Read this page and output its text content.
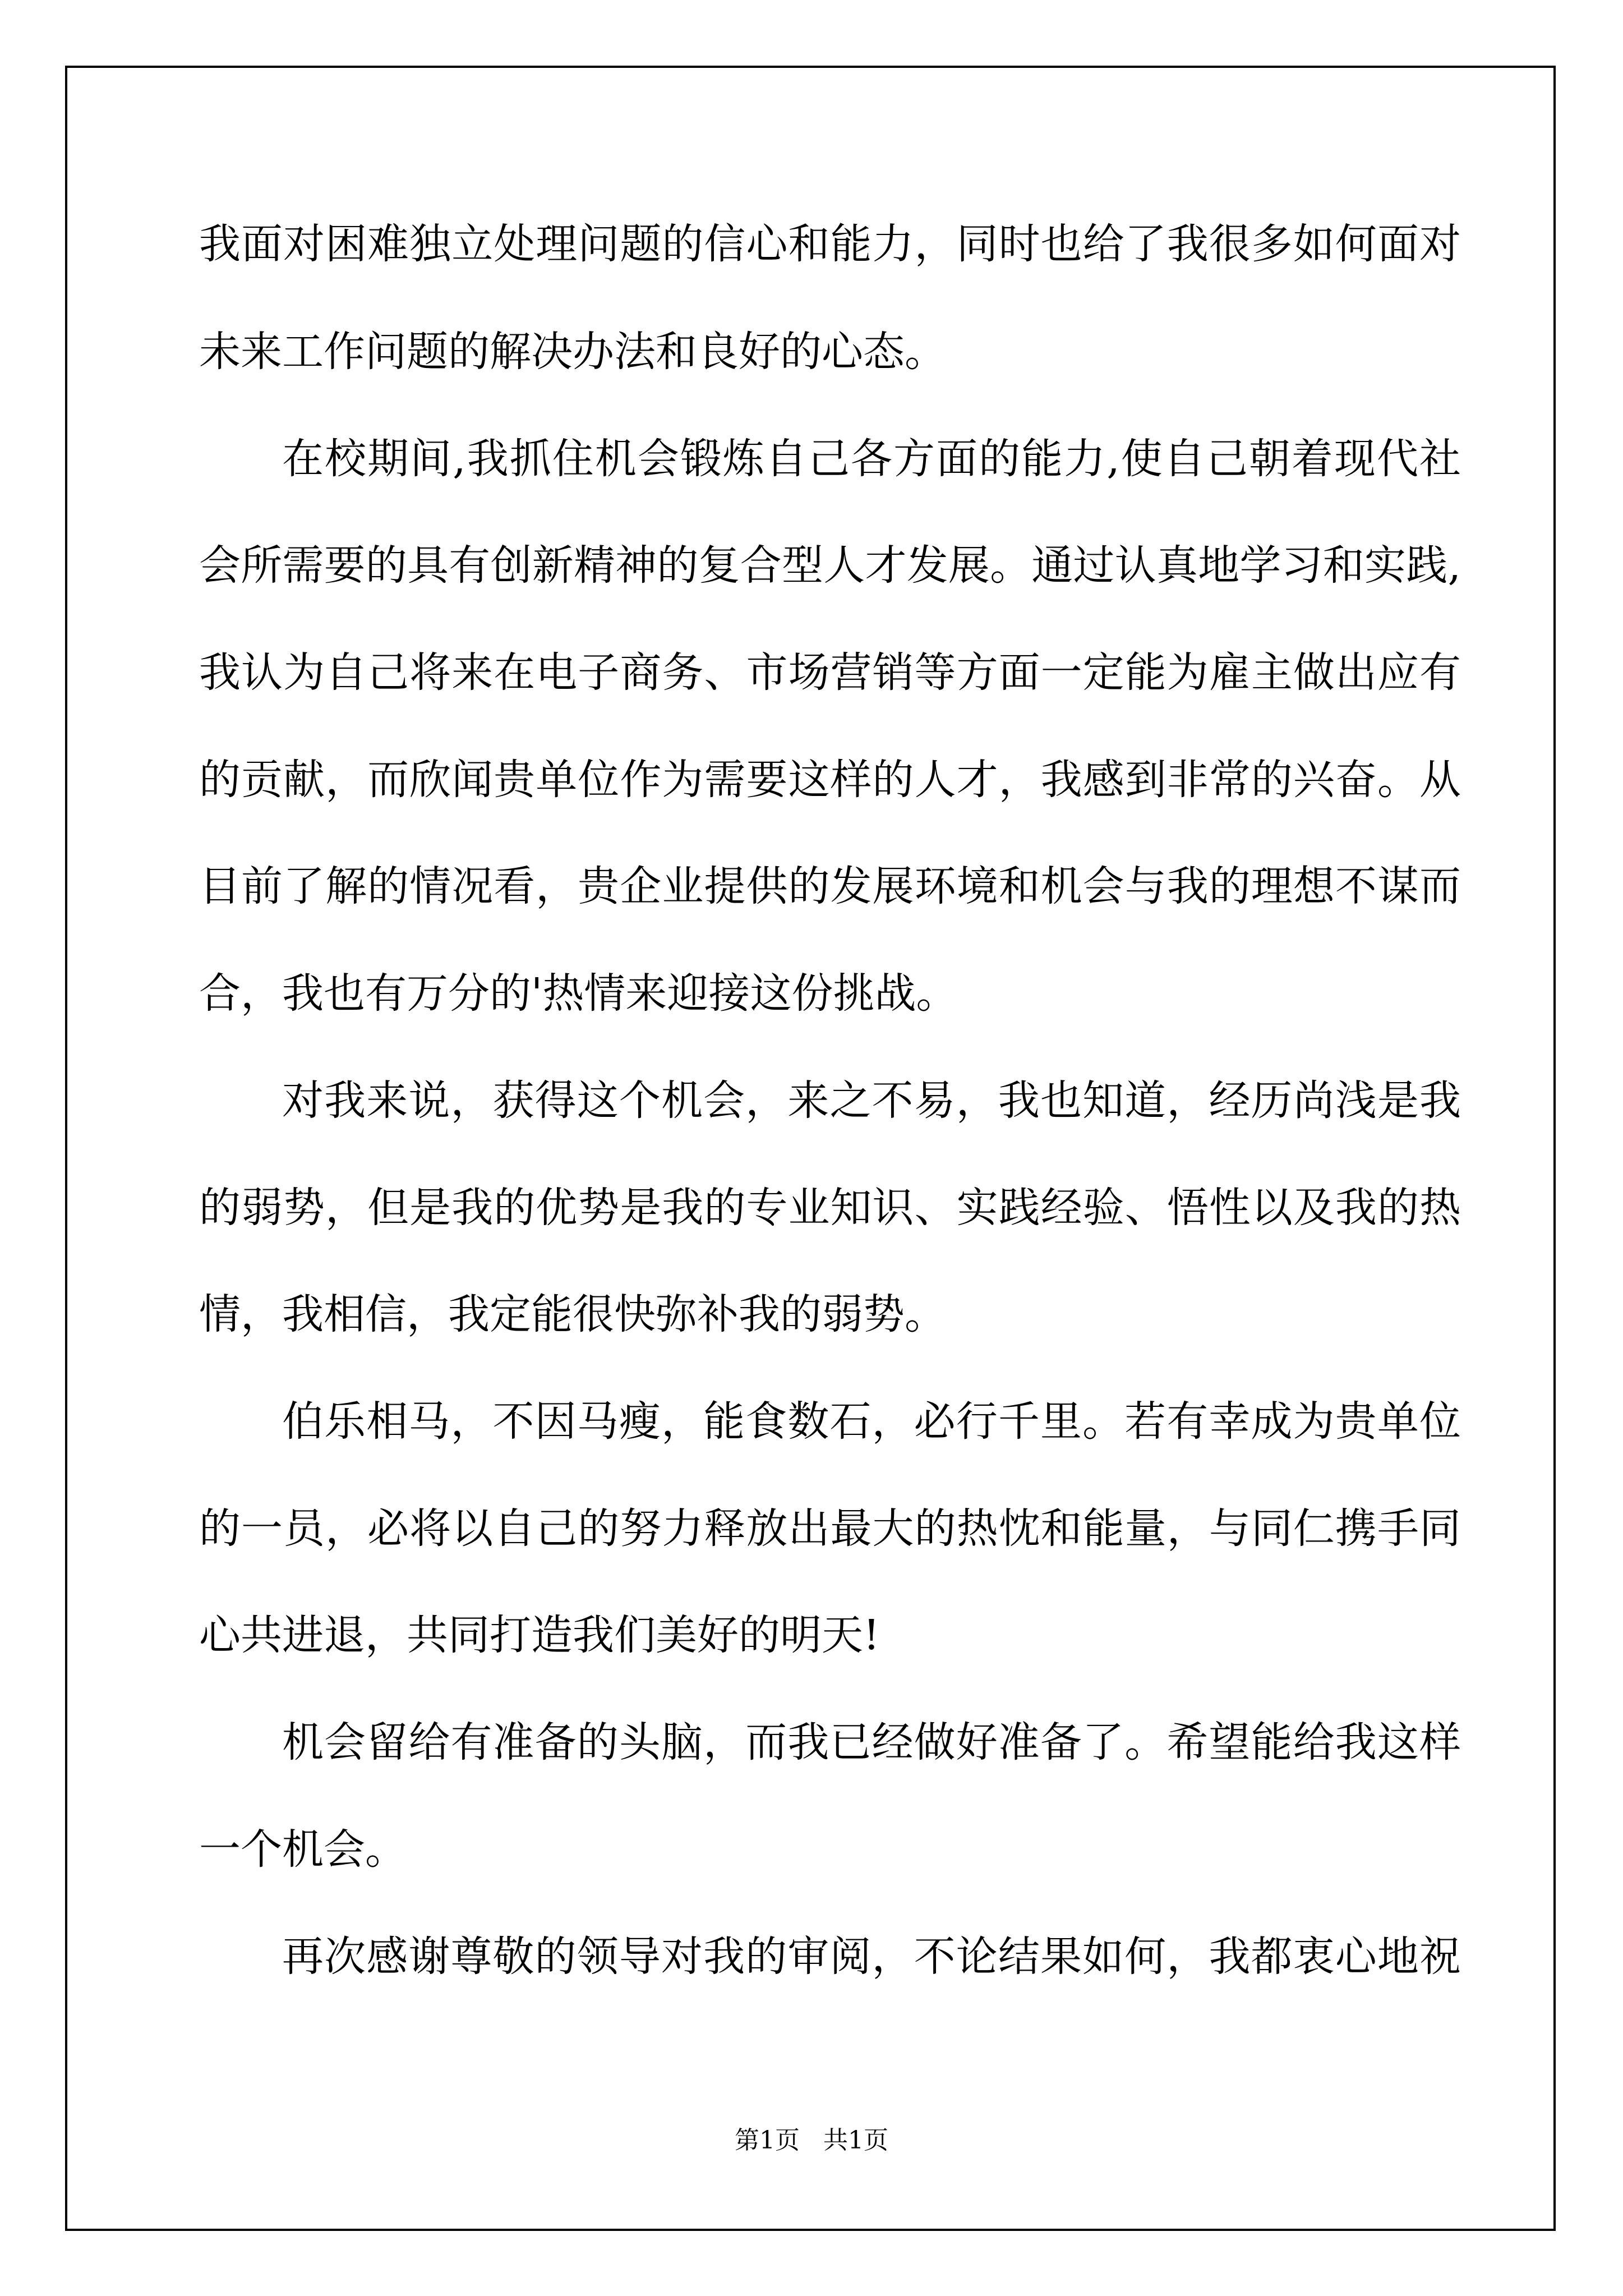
我面对困难独立处理问题的信心和能力，同时也给了我很多如何面对

未来工作问题的解决办法和良好的心态。

在校期间,我抓住机会锻炼自己各方面的能力,使自己朝着现代社

会所需要的具有创新精神的复合型人才发展。通过认真地学习和实践,

我认为自己将来在电子商务、市场营销等方面一定能为雇主做出应有

的贡献，而欣闻贵单位作为需要这样的人才，我感到非常的兴奋。从

目前了解的情况看，贵企业提供的发展环境和机会与我的理想不谋而

合，我也有万分的'热情来迎接这份挑战。

对我来说，获得这个机会，来之不易，我也知道，经历尚浅是我

的弱势，但是我的优势是我的专业知识、实践经验、悟性以及我的热

情，我相信，我定能很快弥补我的弱势。

伯乐相马，不因马瘦，能食数石，必行千里。若有幸成为贵单位

的一员，必将以自己的努力释放出最大的热忱和能量，与同仁携手同

心共进退，共同打造我们美好的明天!

机会留给有准备的头脑，而我已经做好准备了。希望能给我这样

一个机会。

再次感谢尊敬的领导对我的审阅，不论结果如何，我都衷心地祝

第1页   共1页
